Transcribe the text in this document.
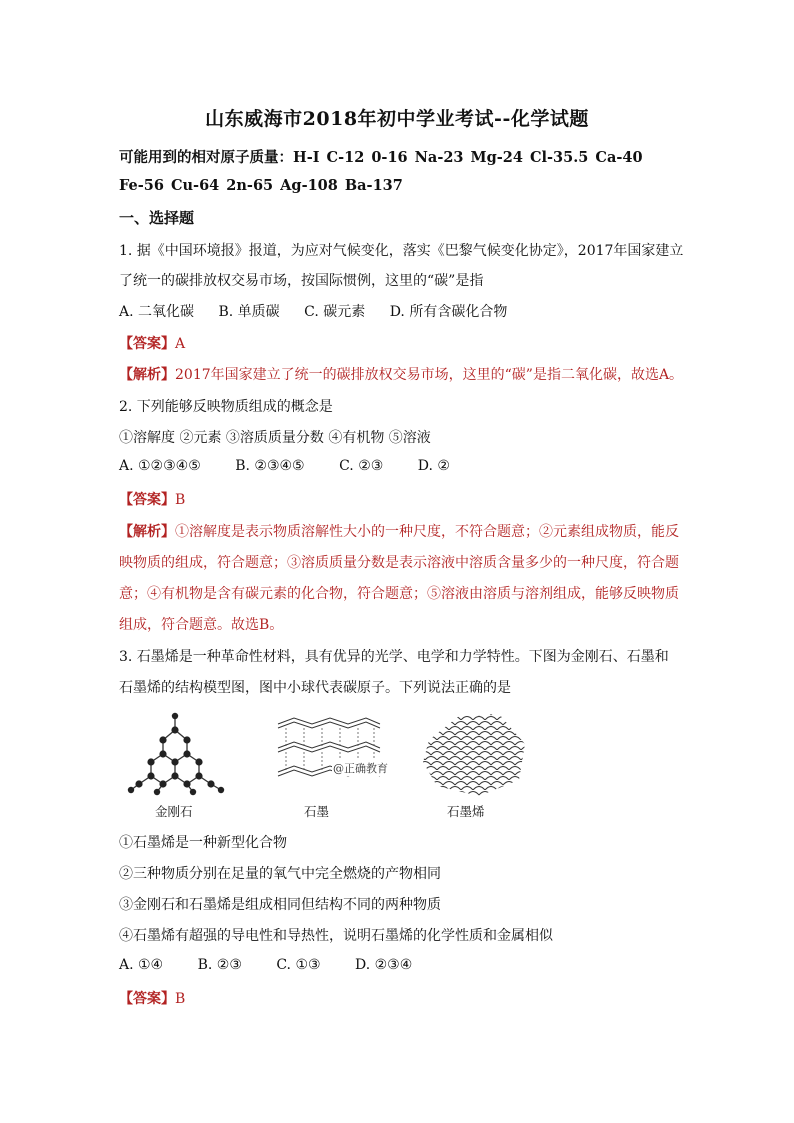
山东威海市2018年初中学业考试--化学试题
可能用到的相对原子质量：H-I C-12 0-16 Na-23 Mg-24 Cl-35.5 Ca-40
Fe-56 Cu-64 2n-65 Ag-108 Ba-137
一、选择题
1. 据《中国环境报》报道，为应对气候变化，落实《巴黎气候变化协定》，2017年国家建立
了统一的碳排放权交易市场，按国际惯例，这里的“碳”是指
A. 二氧化碳 B. 单质碳 C. 碳元素 D. 所有含碳化合物
【答案】A
【解析】2017年国家建立了统一的碳排放权交易市场，这里的“碳”是指二氧化碳，故选A。
2. 下列能够反映物质组成的概念是
①溶解度 ②元素 ③溶质质量分数 ④有机物 ⑤溶液
A. ①②③④⑤ B. ②③④⑤ C. ②③ D. ②
【答案】B
【解析】①溶解度是表示物质溶解性大小的一种尺度，不符合题意；②元素组成物质，能反
映物质的组成，符合题意；③溶质质量分数是表示溶液中溶质含量多少的一种尺度，符合题
意；④有机物是含有碳元素的化合物，符合题意；⑤溶液由溶质与溶剂组成，能够反映物质
组成，符合题意。故选B。
3. 石墨烯是一种革命性材料，具有优异的光学、电学和力学特性。下图为金刚石、石墨和
石墨烯的结构模型图，图中小球代表碳原子。下列说法正确的是
金刚石
@正确教育
石墨	石墨烯
①石墨烯是一种新型化合物
②三种物质分别在足量的氧气中完全燃烧的产物相同
③金刚石和石墨烯是组成相同但结构不同的两种物质
④石墨烯有超强的导电性和导热性，说明石墨烯的化学性质和金属相似
A. ①④ B. ②③ C. ①③ D. ②③④
【答案】B
